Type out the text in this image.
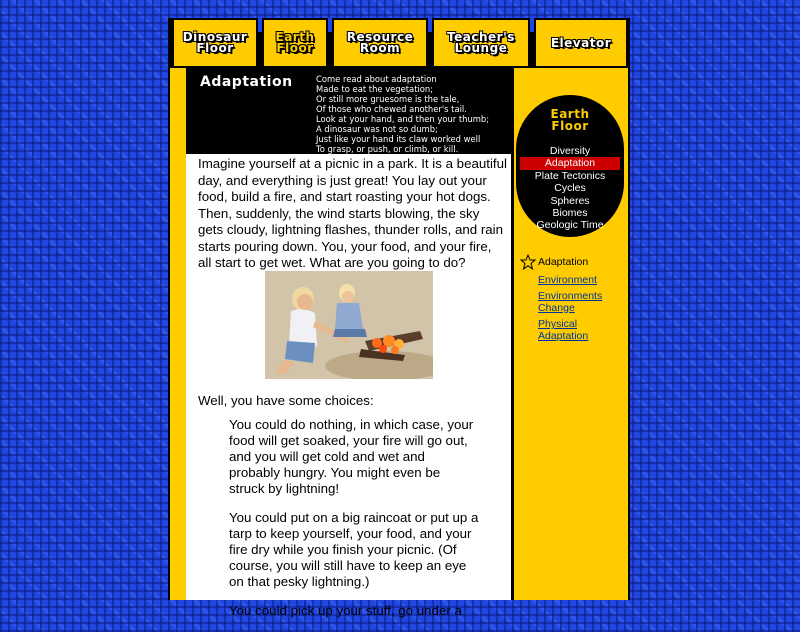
Dinosaur
Floor
Earth
Floor
Resource
Room
Teacher's
Lounge	Elevator
Adaptation	Come read about adaptation
Made to eat the vegetation;
Or still more gruesome is the tale,
Of those who chewed another's tail.
Look at your hand, and then your thumb;
A dinosaur was not so dumb;
Just like your hand its claw worked well
To grasp, or push, or climb, or kill.

Imagine yourself at a picnic in a park. It is a beautiful day, and everything is just great! You lay out your food, build a fire, and start roasting your hot dogs. Then, suddenly, the wind starts blowing, the sky gets cloudy, lightning flashes, thunder rolls, and rain starts pouring down. You, your food, and your fire, all start to get wet. What are you going to do?

Well, you have some choices:

You could do nothing, in which case, your food will get soaked, your fire will go out, and you will get cold and wet and probably hungry. You might even be struck by lightning!

You could put on a big raincoat or put up a tarp to keep yourself, your food, and your fire dry while you finish your picnic. (Of course, you will still have to keep an eye on that pesky lightning.)

You could pick up your stuff, go under a

Earth
Floor
Diversity
Adaptation
Plate Tectonics
Cycles
Spheres
Biomes
Geologic Time
Adaptation
Environment
Environments Change
Physical Adaptation
